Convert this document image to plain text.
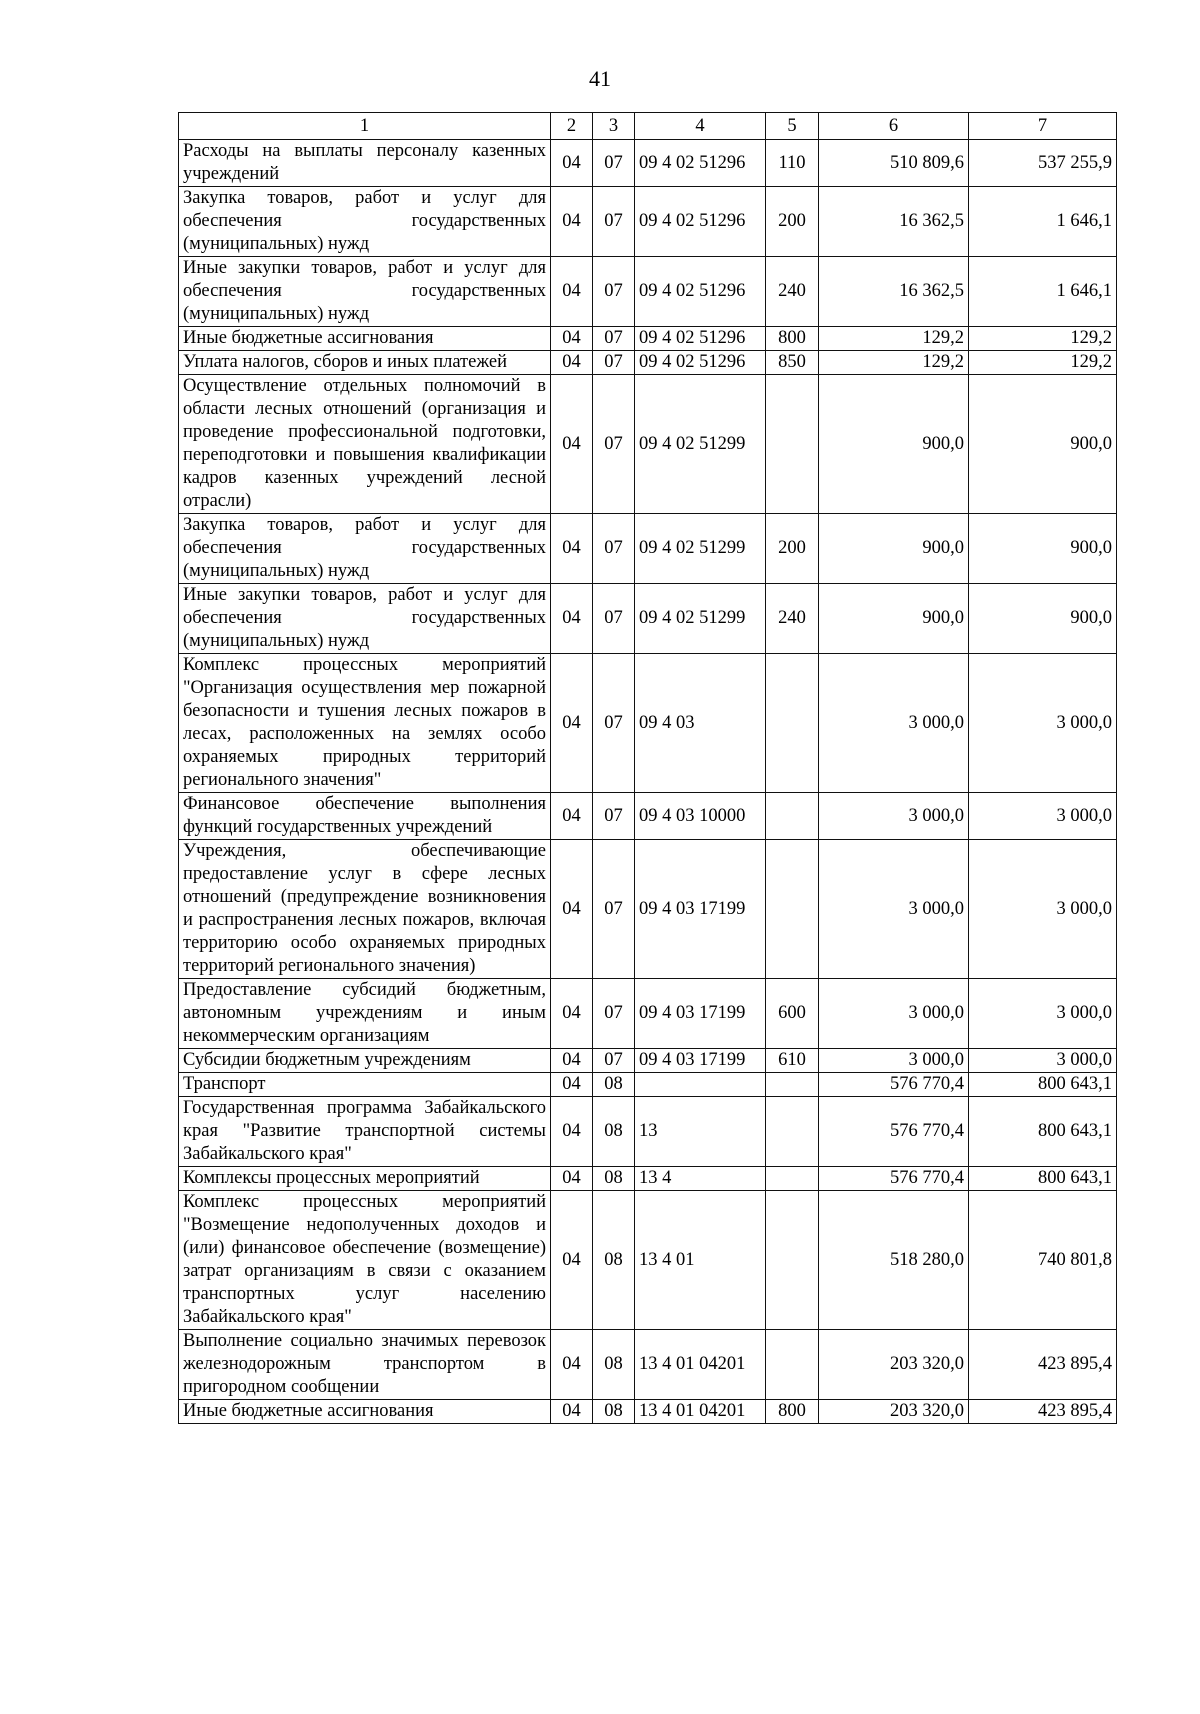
41
1	2	3	4	5	6	7
Расходы на выплаты персоналу казенных учреждений	04	07	09 4 02 51296	110	510 809,6	537 255,9
Закупка товаров, работ и услуг для обеспечения государственных (муниципальных) нужд	04	07	09 4 02 51296	200	16 362,5	1 646,1
Иные закупки товаров, работ и услуг для обеспечения государственных (муниципальных) нужд	04	07	09 4 02 51296	240	16 362,5	1 646,1
Иные бюджетные ассигнования	04	07	09 4 02 51296	800	129,2	129,2
Уплата налогов, сборов и иных платежей	04	07	09 4 02 51296	850	129,2	129,2
Осуществление отдельных полномочий в области лесных отношений (организация и проведение профессиональной подготовки, переподготовки и повышения квалификации кадров казенных учреждений лесной отрасли)	04	07	09 4 02 51299		900,0	900,0
Закупка товаров, работ и услуг для обеспечения государственных (муниципальных) нужд	04	07	09 4 02 51299	200	900,0	900,0
Иные закупки товаров, работ и услуг для обеспечения государственных (муниципальных) нужд	04	07	09 4 02 51299	240	900,0	900,0
Комплекс процессных мероприятий "Организация осуществления мер пожарной безопасности и тушения лесных пожаров в лесах, расположенных на землях особо охраняемых природных территорий регионального значения"	04	07	09 4 03		3 000,0	3 000,0
Финансовое обеспечение выполнения функций государственных учреждений	04	07	09 4 03 10000		3 000,0	3 000,0
Учреждения, обеспечивающие предоставление услуг в сфере лесных отношений (предупреждение возникновения и распространения лесных пожаров, включая территорию особо охраняемых природных территорий регионального значения)	04	07	09 4 03 17199		3 000,0	3 000,0
Предоставление субсидий бюджетным, автономным учреждениям и иным некоммерческим организациям	04	07	09 4 03 17199	600	3 000,0	3 000,0
Субсидии бюджетным учреждениям	04	07	09 4 03 17199	610	3 000,0	3 000,0
Транспорт	04	08			576 770,4	800 643,1
Государственная программа Забайкальского края "Развитие транспортной системы Забайкальского края"	04	08	13		576 770,4	800 643,1
Комплексы процессных мероприятий	04	08	13 4		576 770,4	800 643,1
Комплекс процессных мероприятий "Возмещение недополученных доходов и (или) финансовое обеспечение (возмещение) затрат организациям в связи с оказанием транспортных услуг населению Забайкальского края"	04	08	13 4 01		518 280,0	740 801,8
Выполнение социально значимых перевозок железнодорожным транспортом в пригородном сообщении	04	08	13 4 01 04201		203 320,0	423 895,4
Иные бюджетные ассигнования	04	08	13 4 01 04201	800	203 320,0	423 895,4
